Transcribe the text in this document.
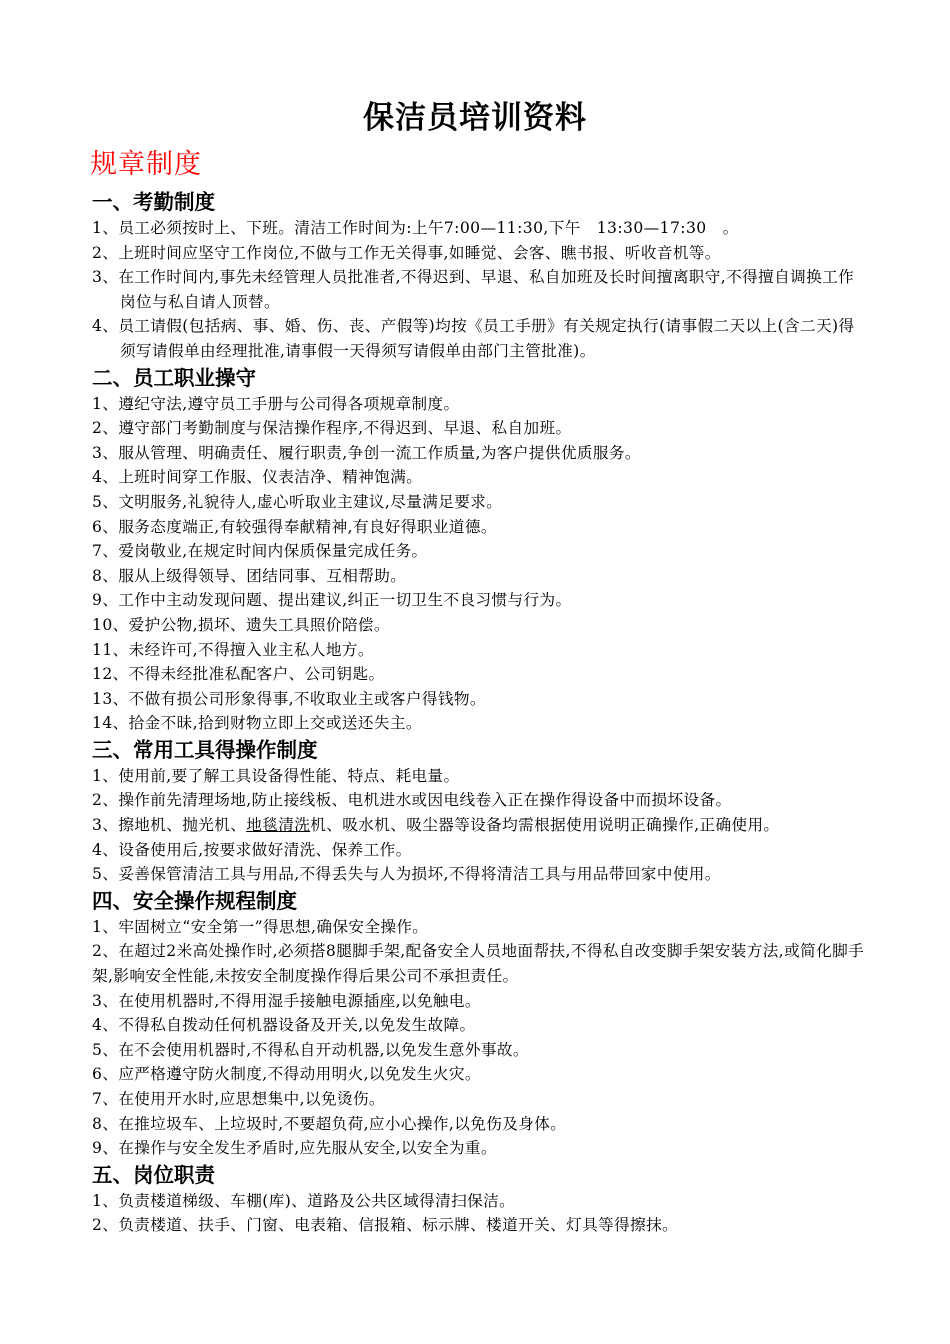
保洁员培训资料
规章制度
一、考勤制度
1、员工必须按时上、下班。清洁工作时间为:上午7:00—11:30,下午　13:30—17:30　。
2、上班时间应坚守工作岗位,不做与工作无关得事,如睡觉、会客、瞧书报、听收音机等。
3、在工作时间内,事先未经管理人员批准者,不得迟到、早退、私自加班及长时间擅离职守,不得擅自调换工作岗位与私自请人顶替。
4、员工请假(包括病、事、婚、伤、丧、产假等)均按《员工手册》有关规定执行(请事假二天以上(含二天)得须写请假单由经理批准,请事假一天得须写请假单由部门主管批准)。
二、员工职业操守
1、遵纪守法,遵守员工手册与公司得各项规章制度。
2、遵守部门考勤制度与保洁操作程序,不得迟到、早退、私自加班。
3、服从管理、明确责任、履行职责,争创一流工作质量,为客户提供优质服务。
4、上班时间穿工作服、仪表洁净、精神饱满。
5、文明服务,礼貌待人,虚心听取业主建议,尽量满足要求。
6、服务态度端正,有较强得奉献精神,有良好得职业道德。
7、爱岗敬业,在规定时间内保质保量完成任务。
8、服从上级得领导、团结同事、互相帮助。
9、工作中主动发现问题、提出建议,纠正一切卫生不良习惯与行为。
10、爱护公物,损坏、遗失工具照价陪偿。
11、未经许可,不得擅入业主私人地方。
12、不得未经批准私配客户、公司钥匙。
13、不做有损公司形象得事,不收取业主或客户得钱物。
14、拾金不昧,拾到财物立即上交或送还失主。
三、常用工具得操作制度
1、使用前,要了解工具设备得性能、特点、耗电量。
2、操作前先清理场地,防止接线板、电机进水或因电线卷入正在操作得设备中而损坏设备。
3、擦地机、抛光机、地毯清洗机、吸水机、吸尘器等设备均需根据使用说明正确操作,正确使用。
4、设备使用后,按要求做好清洗、保养工作。
5、妥善保管清洁工具与用品,不得丢失与人为损坏,不得将清洁工具与用品带回家中使用。
四、安全操作规程制度
1、牢固树立“安全第一”得思想,确保安全操作。
2、在超过2米高处操作时,必须搭8腿脚手架,配备安全人员地面帮扶,不得私自改变脚手架安装方法,或简化脚手架,影响安全性能,未按安全制度操作得后果公司不承担责任。
3、在使用机器时,不得用湿手接触电源插座,以免触电。
4、不得私自拨动任何机器设备及开关,以免发生故障。
5、在不会使用机器时,不得私自开动机器,以免发生意外事故。
6、应严格遵守防火制度,不得动用明火,以免发生火灾。
7、在使用开水时,应思想集中,以免烫伤。
8、在推垃圾车、上垃圾时,不要超负荷,应小心操作,以免伤及身体。
9、在操作与安全发生矛盾时,应先服从安全,以安全为重。
五、岗位职责
1、负责楼道梯级、车棚(库)、道路及公共区域得清扫保洁。
2、负责楼道、扶手、门窗、电表箱、信报箱、标示牌、楼道开关、灯具等得擦抹。
